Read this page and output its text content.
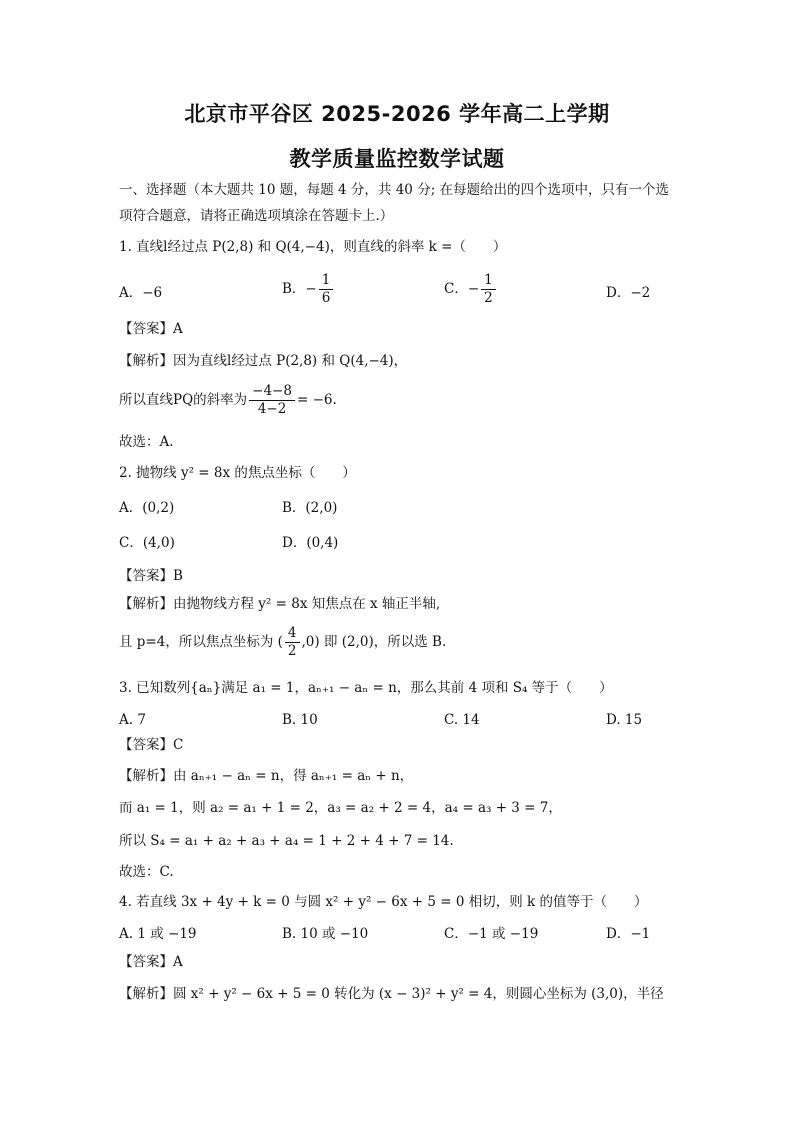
北京市平谷区 2025-2026 学年高二上学期
教学质量监控数学试题
一、选择题（本大题共 10 题，每题 4 分，共 40 分; 在每题给出的四个选项中，只有一个选
项符合题意，请将正确选项填涂在答题卡上.）
1. 直线l经过点 P(2,8) 和 Q(4,−4)，则直线的斜率 k =（　　）
A．−6	B．− $\frac{1}{6}$	C．− $\frac{1}{2}$	D．−2
【答案】A
【解析】因为直线l经过点 P(2,8) 和 Q(4,−4)，
所以直线PQ的斜率为 $\frac{-4-8}{4-2} = -6$.
故选：A.
2. 抛物线 y² = 8x 的焦点坐标（　　）
A．(0,2)	B．(2,0)
C．(4,0)	D．(0,4)
【答案】B
【解析】由抛物线方程 y² = 8x 知焦点在 x 轴正半轴,
且 p=4，所以焦点坐标为 ( $\frac{4}{2} ,0$) 即 (2,0)，所以选 B.
3. 已知数列{aₙ}满足 a₁ = 1，aₙ₊₁ − aₙ = n，那么其前 4 项和 S₄ 等于（　　）
A. 7	B. 10	C. 14	D. 15
【答案】C
【解析】由 aₙ₊₁ − aₙ = n，得 aₙ₊₁ = aₙ + n，
而 a₁ = 1，则 a₂ = a₁ + 1 = 2，a₃ = a₂ + 2 = 4，a₄ = a₃ + 3 = 7，
所以 S₄ = a₁ + a₂ + a₃ + a₄ = 1 + 2 + 4 + 7 = 14.
故选：C.
4. 若直线 3x + 4y + k = 0 与圆 x² + y² − 6x + 5 = 0 相切，则 k 的值等于（　　）
A. 1 或 −19	B. 10 或 −10	C．−1 或 −19	D．−1
【答案】A
【解析】圆 x² + y² − 6x + 5 = 0 转化为 (x − 3)² + y² = 4，则圆心坐标为 (3,0)，半径
